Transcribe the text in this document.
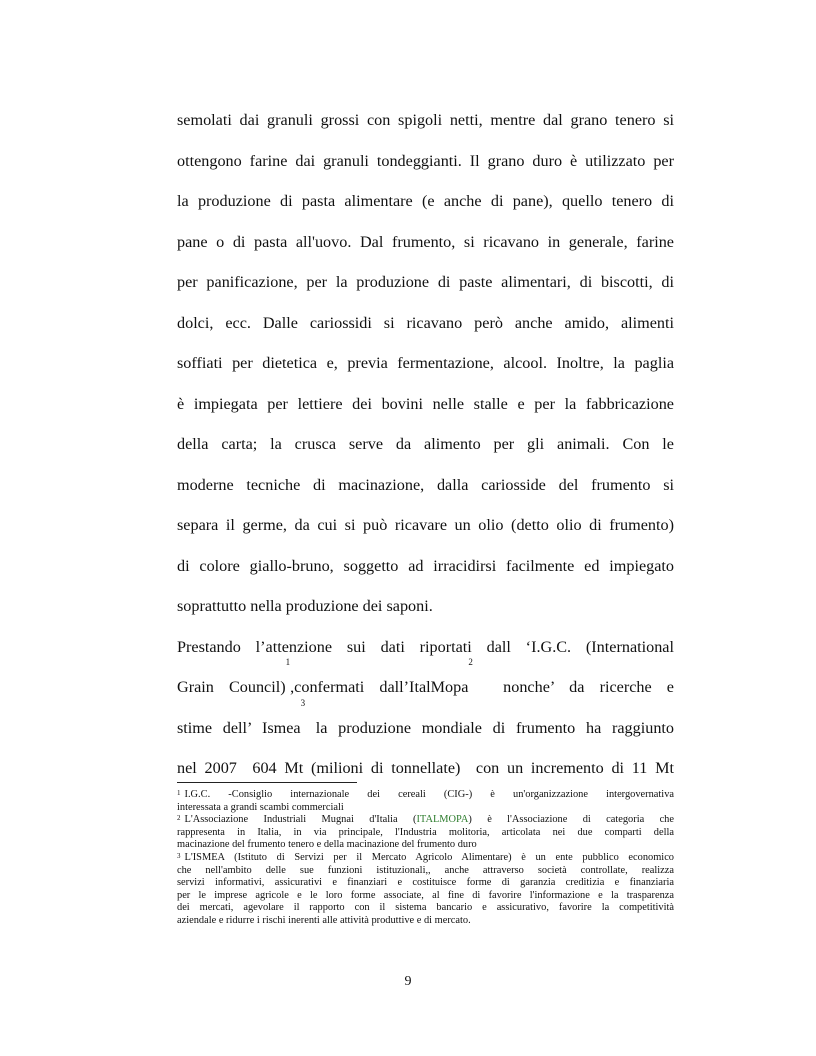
semolati dai granuli grossi con spigoli netti, mentre dal grano tenero si
ottengono farine dai granuli tondeggianti. Il grano duro è utilizzato per
la produzione di pasta alimentare (e anche di pane), quello tenero di
pane o di pasta all'uovo. Dal frumento, si ricavano in generale, farine
per panificazione, per la produzione di paste alimentari, di biscotti, di
dolci, ecc. Dalle cariossidi si ricavano però anche amido, alimenti
soffiati per dietetica e, previa fermentazione, alcool. Inoltre, la paglia
è impiegata per lettiere dei bovini nelle stalle e per la fabbricazione
della carta; la crusca serve da alimento per gli animali. Con le
moderne tecniche di macinazione, dalla cariosside del frumento si
separa il germe, da cui si può ricavare un olio (detto olio di frumento)
di colore giallo-bruno, soggetto ad irracidirsi facilmente ed impiegato
soprattutto nella produzione dei saponi.
Prestando l’attenzione sui dati riportati dall ‘I.G.C. (International
Grain Council)$^1$,confermati dall’ItalMopa$^2$  nonche’ da ricerche e
stime dell’ Ismea$^3$ la produzione mondiale di frumento ha raggiunto
nel 2007  604 Mt (milioni di tonnellate)  con un incremento di 11 Mt
$^1$ I.G.C. -Consiglio internazionale dei cereali (CIG-) è un'organizzazione intergovernativa
interessata a grandi scambi commerciali
$^2$ L'Associazione Industriali Mugnai d'Italia (ITALMOPA) è l'Associazione di categoria che
rappresenta in Italia, in via principale, l'Industria molitoria, articolata nei due comparti della
macinazione del frumento tenero e della macinazione del frumento duro
$^3$ L'ISMEA (Istituto di Servizi per il Mercato Agricolo Alimentare) è un ente pubblico economico
che nell'ambito delle sue funzioni istituzionali,, anche attraverso società controllate, realizza
servizi informativi, assicurativi e finanziari e costituisce forme di garanzia creditizia e finanziaria
per le imprese agricole e le loro forme associate, al fine di favorire l'informazione e la trasparenza
dei mercati, agevolare il rapporto con il sistema bancario e assicurativo, favorire la competitività
aziendale e ridurre i rischi inerenti alle attività produttive e di mercato.
9
